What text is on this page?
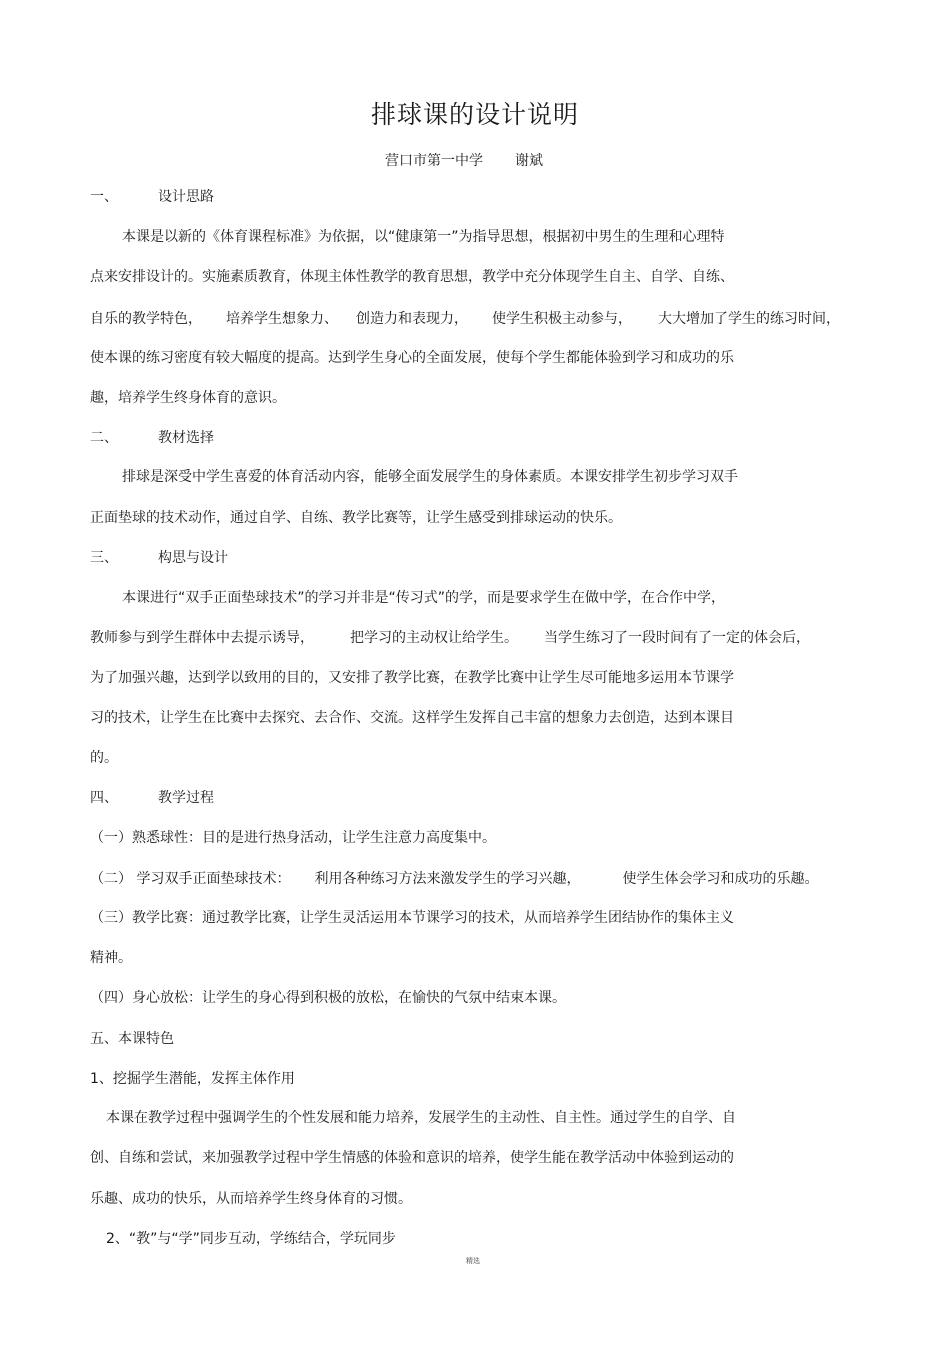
排球课的设计说明
营口市第一中学 谢斌
一、	设计思路
本课是以新的《体育课程标准》为依据，以“健康第一”为指导思想，根据初中男生的生理和心理特
点来安排设计的。实施素质教育，体现主体性教学的教育思想，教学中充分体现学生自主、自学、自练、
自乐的教学特色， 培养学生想象力、 创造力和表现力， 使学生积极主动参与， 大大增加了学生的练习时间，
使本课的练习密度有较大幅度的提高。达到学生身心的全面发展，使每个学生都能体验到学习和成功的乐
趣，培养学生终身体育的意识。
二、	教材选择
排球是深受中学生喜爱的体育活动内容，能够全面发展学生的身体素质。本课安排学生初步学习双手
正面垫球的技术动作，通过自学、自练、教学比赛等，让学生感受到排球运动的快乐。
三、	构思与设计
本课进行“双手正面垫球技术”的学习并非是“传习式”的学，而是要求学生在做中学，在合作中学，
教师参与到学生群体中去提示诱导，	把学习的主动权让给学生。 当学生练习了一段时间有了一定的体会后，
为了加强兴趣，达到学以致用的目的，又安排了教学比赛，在教学比赛中让学生尽可能地多运用本节课学
习的技术，让学生在比赛中去探究、去合作、交流。这样学生发挥自己丰富的想象力去创造，达到本课目
的。
四、	教学过程
（一）熟悉球性：目的是进行热身活动，让学生注意力高度集中。
（二） 学习双手正面垫球技术： 利用各种练习方法来激发学生的学习兴趣，	使学生体会学习和成功的乐趣。
（三）教学比赛：通过教学比赛，让学生灵活运用本节课学习的技术，从而培养学生团结协作的集体主义
精神。
（四）身心放松：让学生的身心得到积极的放松，在愉快的气氛中结束本课。
五、本课特色
1、挖掘学生潜能，发挥主体作用
本课在教学过程中强调学生的个性发展和能力培养，发展学生的主动性、自主性。通过学生的自学、自
创、自练和尝试，来加强教学过程中学生情感的体验和意识的培养，使学生能在教学活动中体验到运动的
乐趣、成功的快乐，从而培养学生终身体育的习惯。
2、“教”与“学”同步互动，学练结合，学玩同步
精选
